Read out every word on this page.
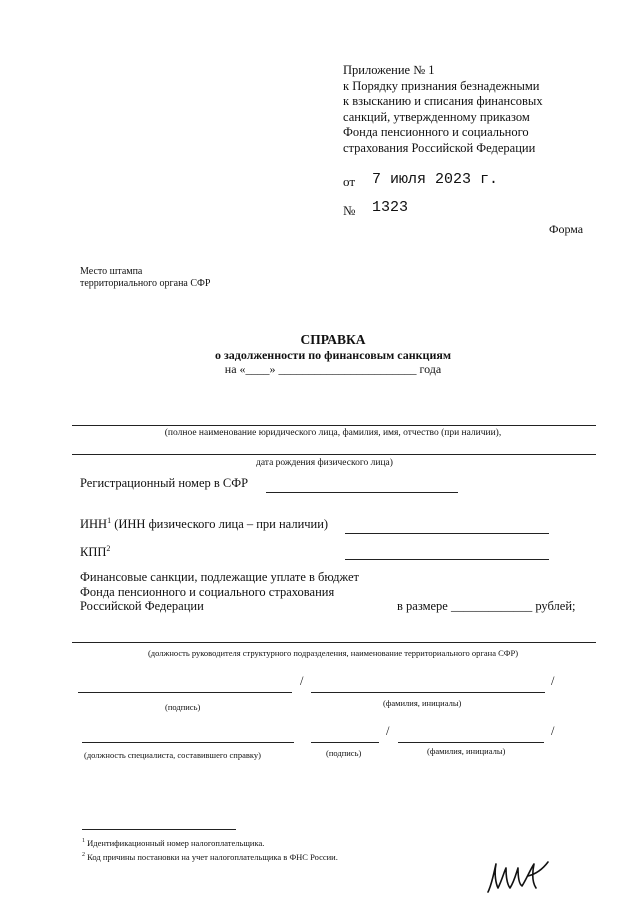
Приложение № 1
к Порядку признания безнадежными
к взысканию и списания финансовых
санкций, утвержденному приказом
Фонда пенсионного и социального
страхования Российской Федерации
от 7 июля 2023 г.
№ 1323
Форма
Место штампа
территориального органа СФР
СПРАВКА
о задолженности по финансовым санкциям
на «____» _______________________ года
(полное наименование юридического лица, фамилия, имя, отчество (при наличии),
дата рождения физического лица)
Регистрационный номер в СФР
ИНН$^1$ (ИНН физического лица – при наличии)
КПП$^2$
Финансовые санкции, подлежащие уплате в бюджет
Фонда пенсионного и социального страхования
Российской Федерации	в размере _____________ рублей;
(должность руководителя структурного подразделения, наименование территориального органа СФР)
/	/
(подпись)	(фамилия, инициалы)
/	/
(должность специалиста, составившего справку)	(подпись)	(фамилия, инициалы)
$^1$ Идентификационный номер налогоплательщика.
$^2$ Код причины постановки на учет налогоплательщика в ФНС России.
